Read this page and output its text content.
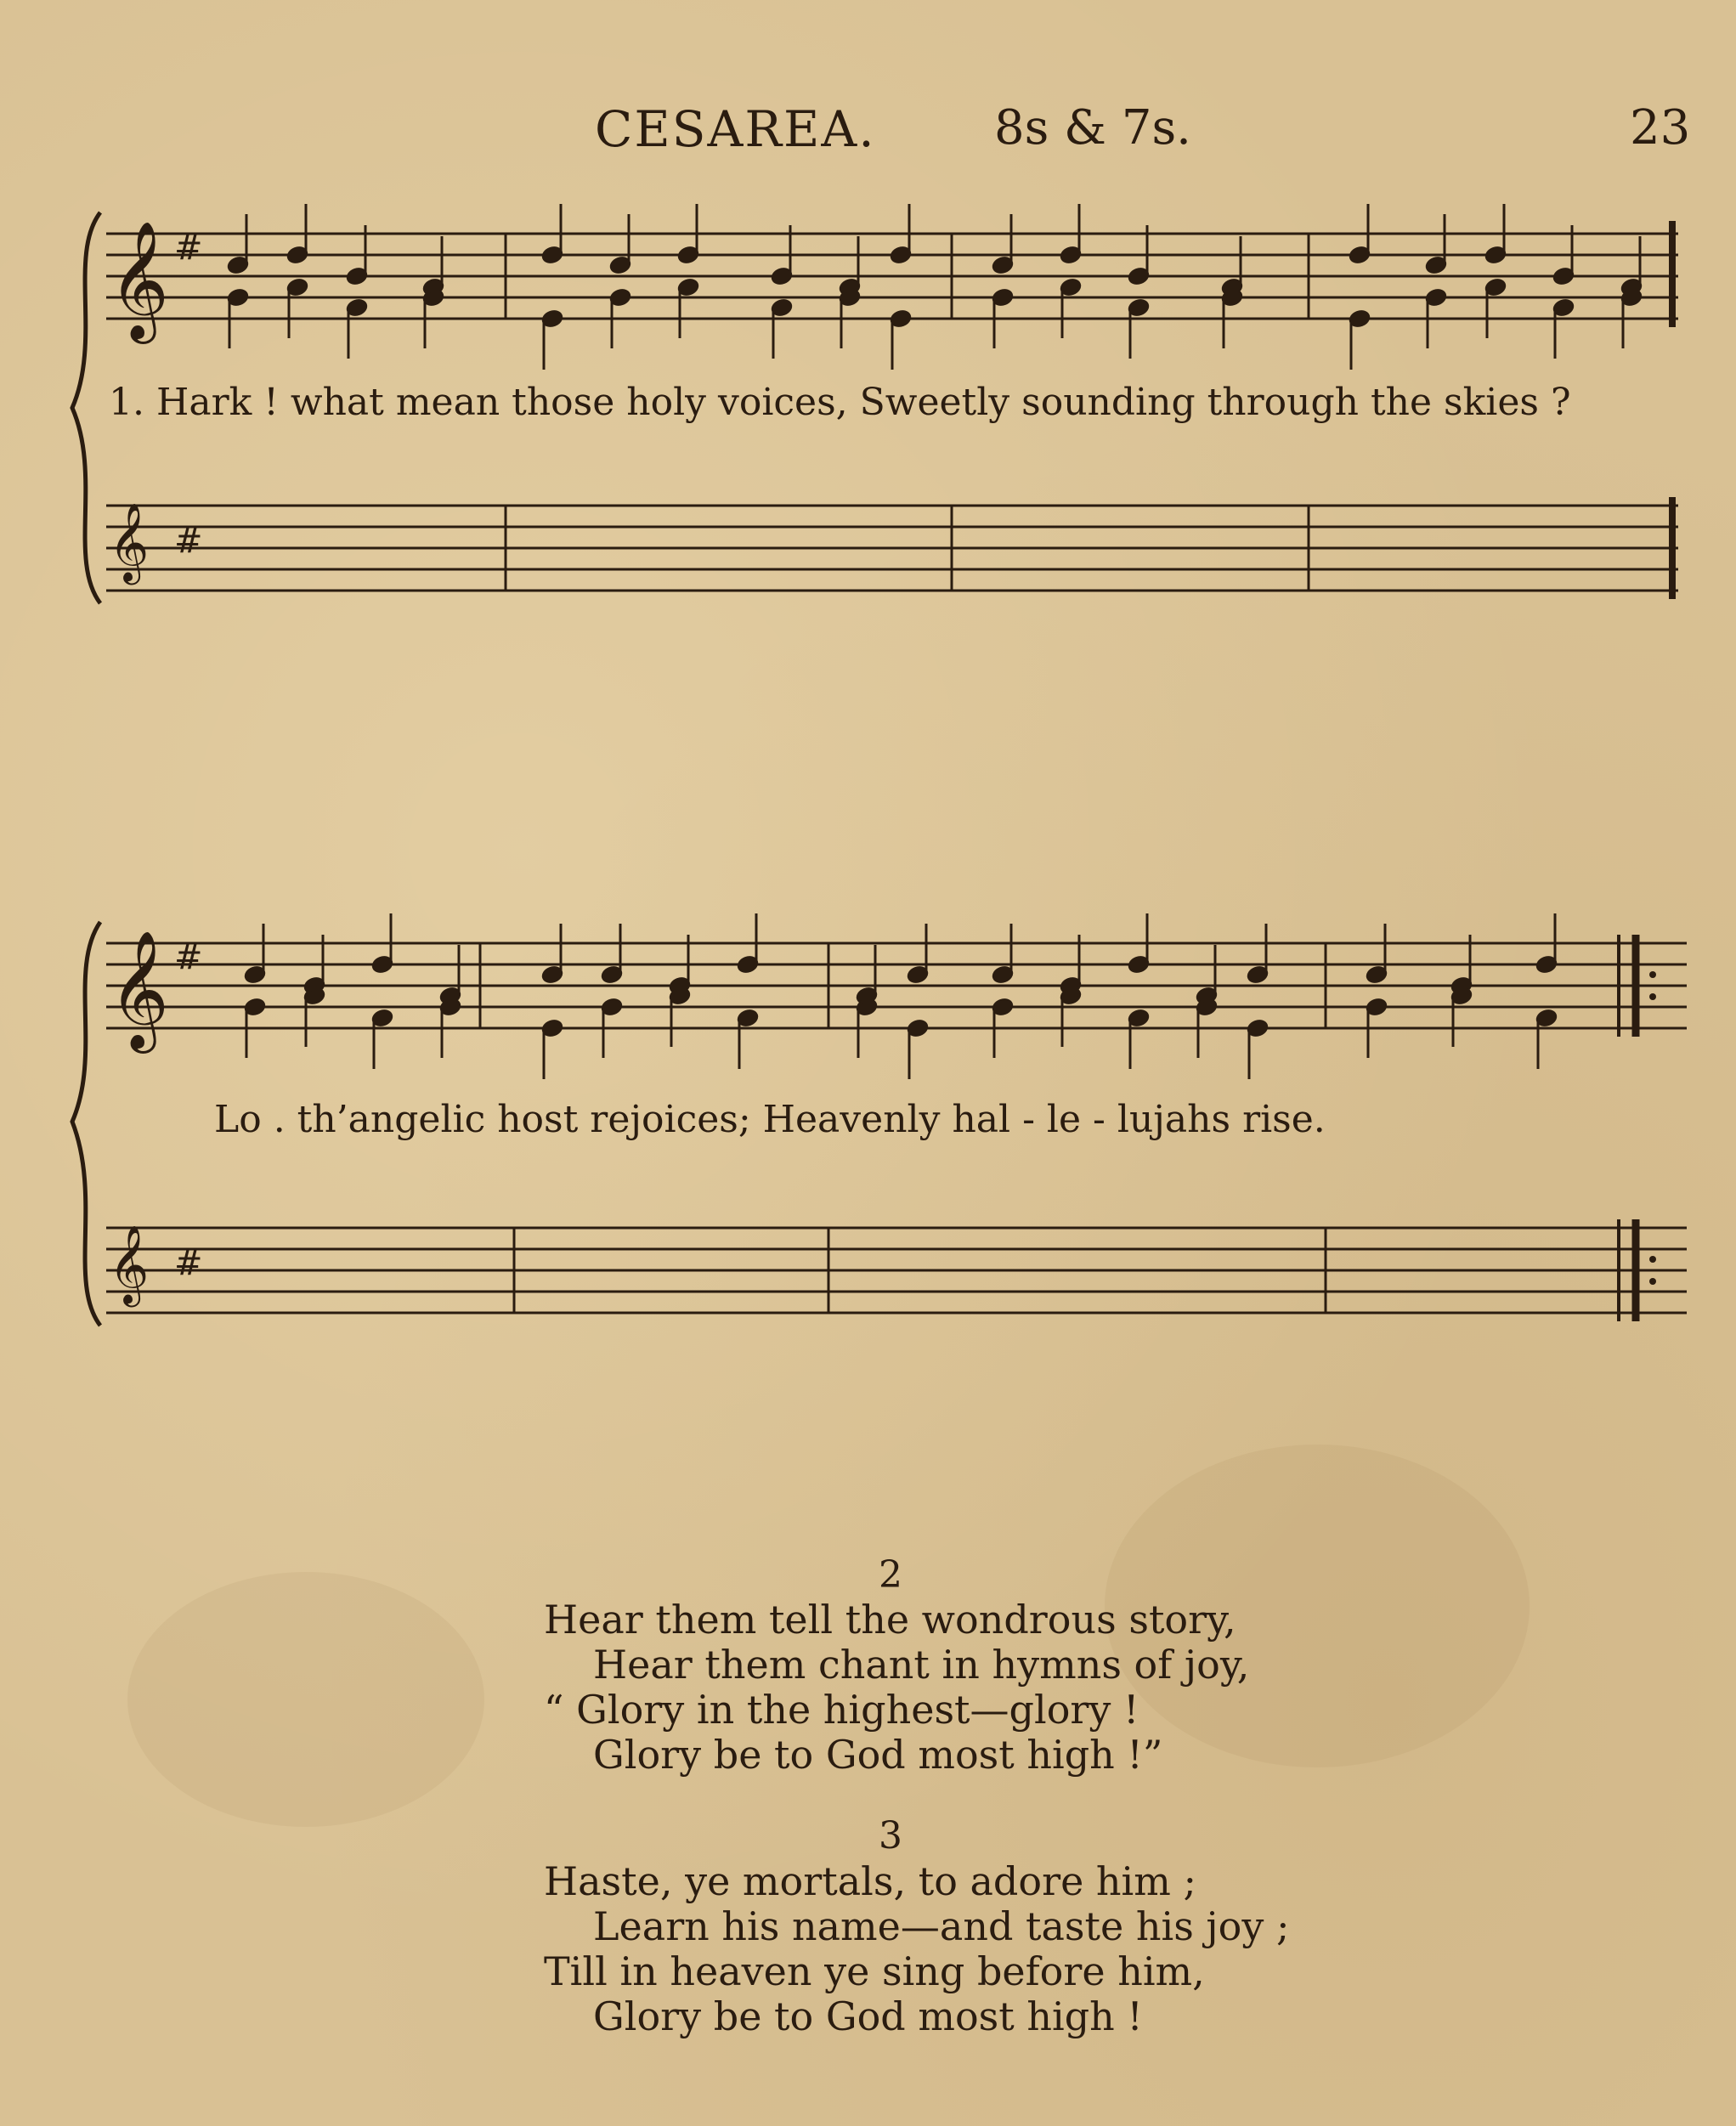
CESAREA. 8s & 7s.	23
𝄞
𝄞
#
#
1. Hark ! what mean those holy voices, Sweetly sounding through the skies ?
𝄞
𝄞
#
#
Lo . th’angelic host rejoices; Heavenly hal - le - lujahs rise.
2
Hear them tell the wondrous story,
Hear them chant in hymns of joy,
“ Glory in the highest—glory !
Glory be to God most high !”
3
Haste, ye mortals, to adore him ;
Learn his name—and taste his joy ;
Till in heaven ye sing before him,
Glory be to God most high !
